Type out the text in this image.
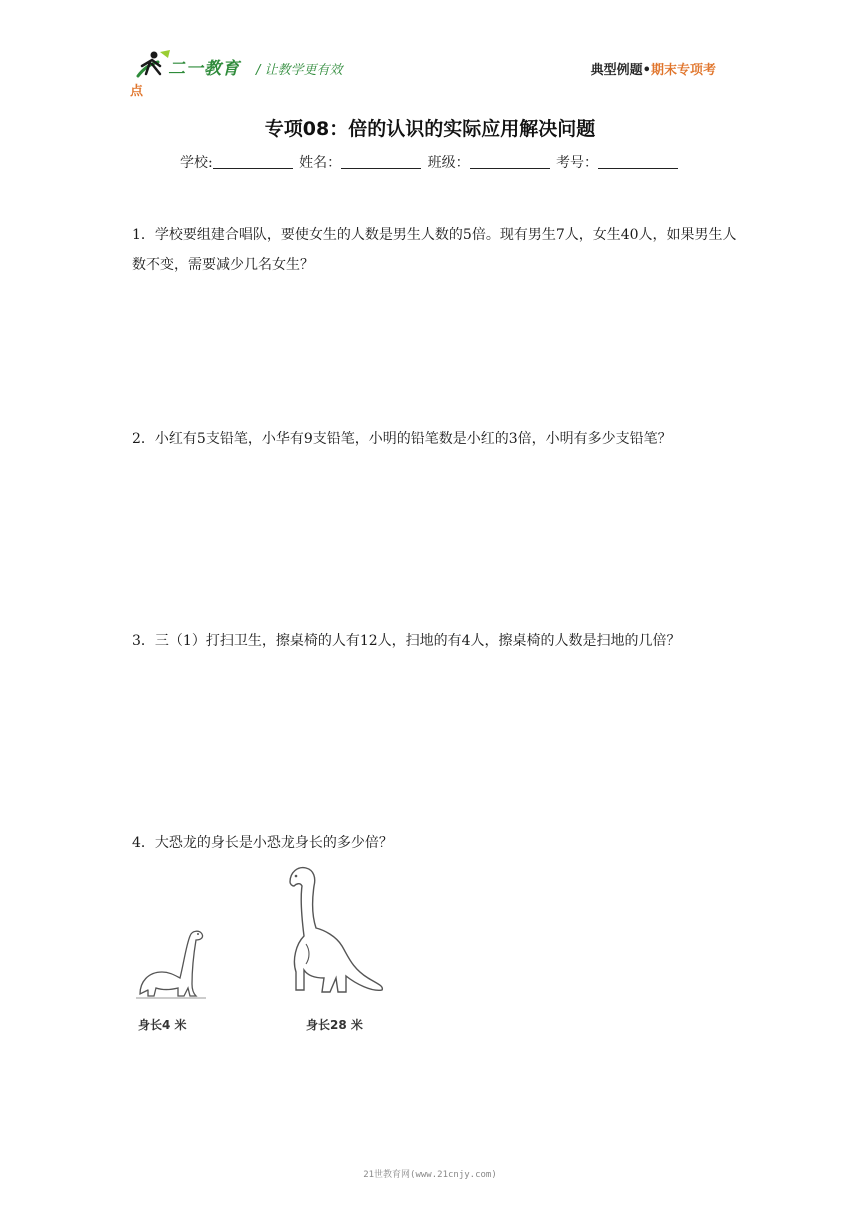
二一教育 / 让教学更有效	典型例题•期末专项考
点
专项08：倍的认识的实际应用解决问题
学校:	姓名：	班级：	考号：
1．学校要组建合唱队，要使女生的人数是男生人数的5倍。现有男生7人，女生40人，如果男生人数不变，需要减少几名女生？
2．小红有5支铅笔，小华有9支铅笔，小明的铅笔数是小红的3倍，小明有多少支铅笔？
3．三（1）打扫卫生，擦桌椅的人有12人，扫地的有4人，擦桌椅的人数是扫地的几倍？
4．大恐龙的身长是小恐龙身长的多少倍？
身长4 米	身长28 米
21世教育网(www.21cnjy.com)
